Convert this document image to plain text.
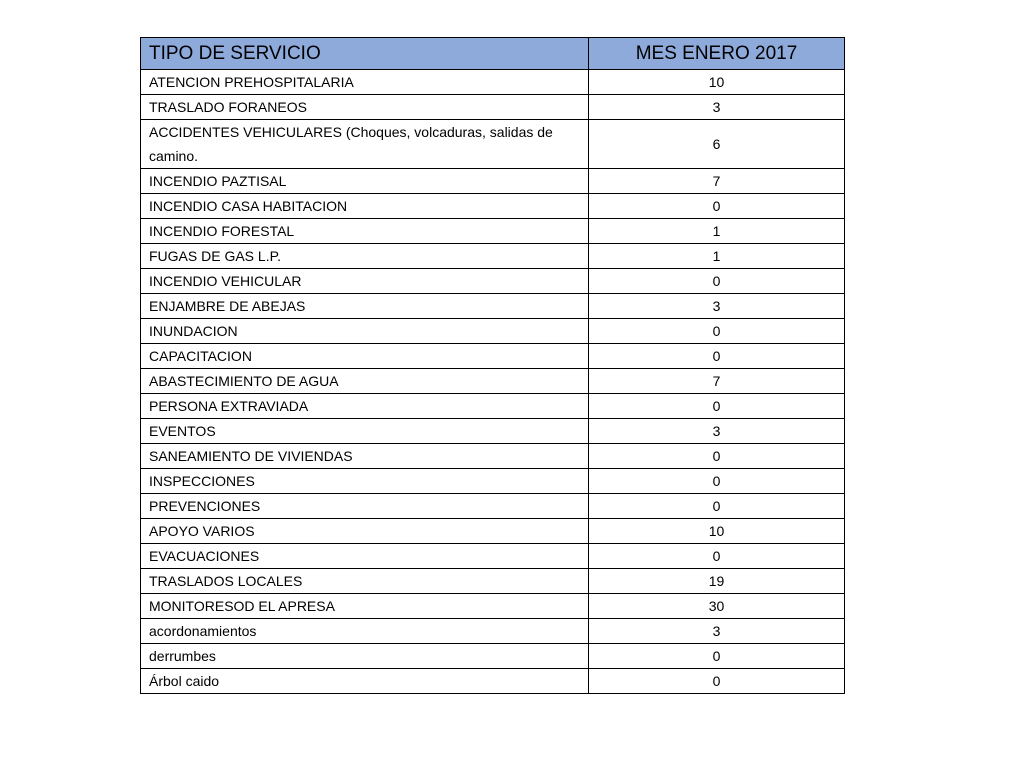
TIPO DE SERVICIO	MES ENERO 2017
ATENCION PREHOSPITALARIA	10
TRASLADO FORANEOS	3
ACCIDENTES VEHICULARES (Choques, volcaduras, salidas de camino.	6
INCENDIO PAZTISAL	7
INCENDIO CASA HABITACION	0
INCENDIO FORESTAL	1
FUGAS DE GAS L.P.	1
INCENDIO VEHICULAR	0
ENJAMBRE DE ABEJAS	3
INUNDACION	0
CAPACITACION	0
ABASTECIMIENTO DE AGUA	7
PERSONA EXTRAVIADA	0
EVENTOS	3
SANEAMIENTO DE VIVIENDAS	0
INSPECCIONES	0
PREVENCIONES	0
APOYO VARIOS	10
EVACUACIONES	0
TRASLADOS LOCALES	19
MONITORESOD EL APRESA	30
acordonamientos	3
derrumbes	0
Árbol caido	0
